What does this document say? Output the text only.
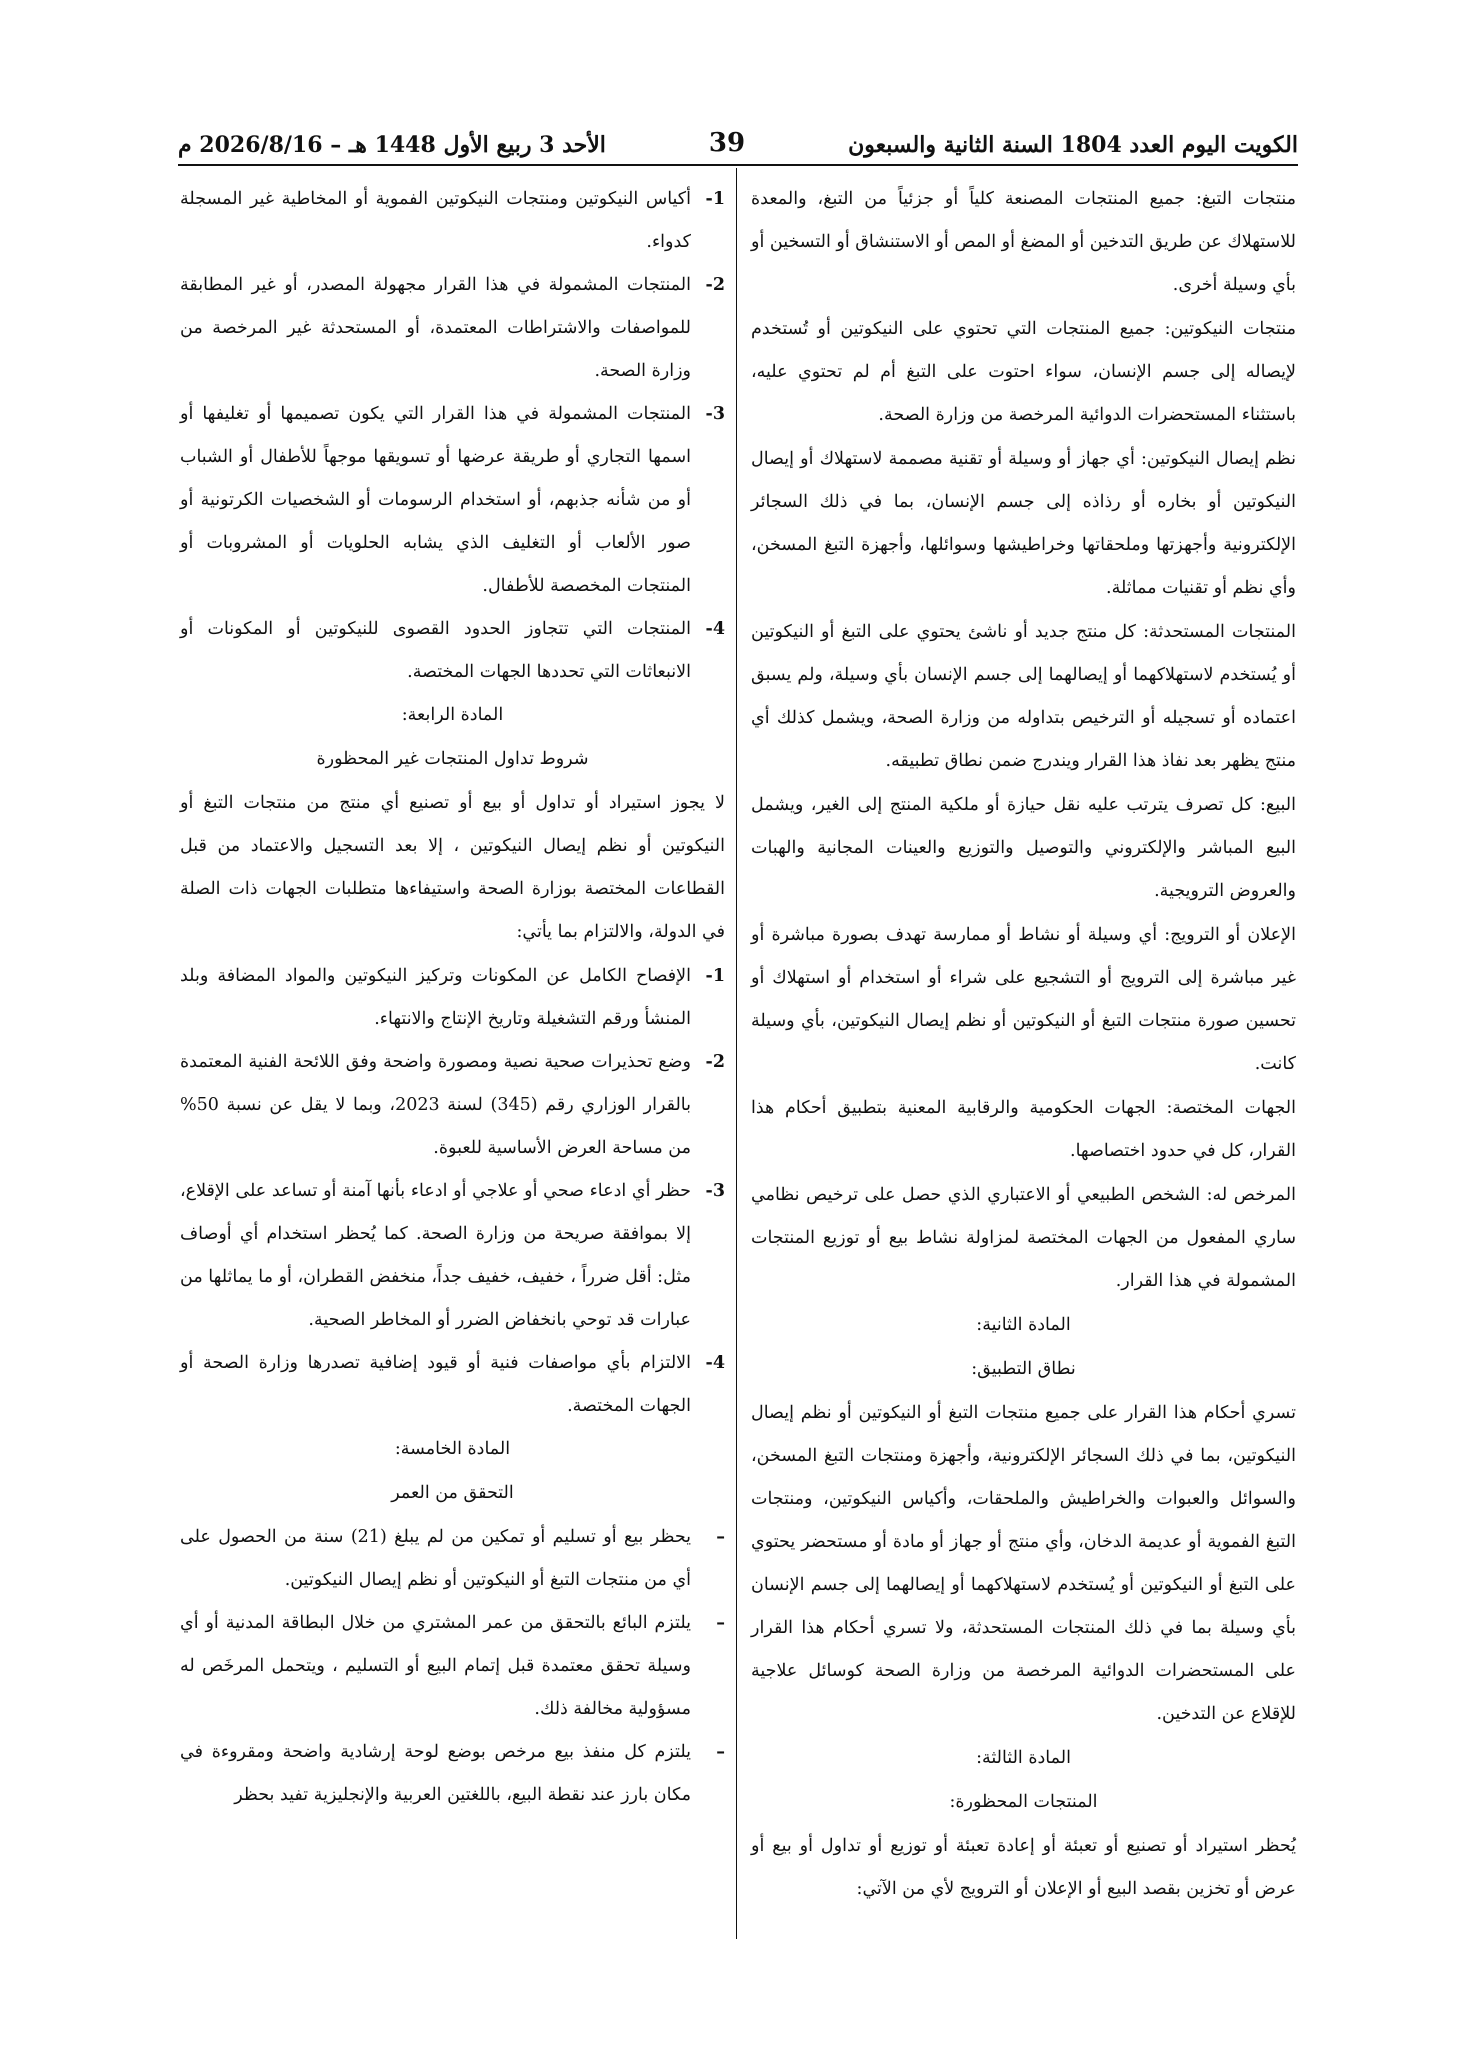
الكويت اليوم العدد 1804 السنة الثانية والسبعون
39
الأحد 3 ربيع الأول 1448 هـ – 2026/8/16 م
منتجات التبغ: جميع المنتجات المصنعة كلياً أو جزئياً من التبغ، والمعدة للاستهلاك عن طريق التدخين أو المضغ أو المص أو الاستنشاق أو التسخين أو بأي وسيلة أخرى.
منتجات النيكوتين: جميع المنتجات التي تحتوي على النيكوتين أو تُستخدم لإيصاله إلى جسم الإنسان، سواء احتوت على التبغ أم لم تحتوي عليه، باستثناء المستحضرات الدوائية المرخصة من وزارة الصحة.
نظم إيصال النيكوتين: أي جهاز أو وسيلة أو تقنية مصممة لاستهلاك أو إيصال النيكوتين أو بخاره أو رذاذه إلى جسم الإنسان، بما في ذلك السجائر الإلكترونية وأجهزتها وملحقاتها وخراطيشها وسوائلها، وأجهزة التبغ المسخن، وأي نظم أو تقنيات مماثلة.
المنتجات المستحدثة: كل منتج جديد أو ناشئ يحتوي على التبغ أو النيكوتين أو يُستخدم لاستهلاكهما أو إيصالهما إلى جسم الإنسان بأي وسيلة، ولم يسبق اعتماده أو تسجيله أو الترخيص بتداوله من وزارة الصحة، ويشمل كذلك أي منتج يظهر بعد نفاذ هذا القرار ويندرج ضمن نطاق تطبيقه.
البيع: كل تصرف يترتب عليه نقل حيازة أو ملكية المنتج إلى الغير، ويشمل البيع المباشر والإلكتروني والتوصيل والتوزيع والعينات المجانية والهبات والعروض الترويجية.
الإعلان أو الترويج: أي وسيلة أو نشاط أو ممارسة تهدف بصورة مباشرة أو غير مباشرة إلى الترويج أو التشجيع على شراء أو استخدام أو استهلاك أو تحسين صورة منتجات التبغ أو النيكوتين أو نظم إيصال النيكوتين، بأي وسيلة كانت.
الجهات المختصة: الجهات الحكومية والرقابية المعنية بتطبيق أحكام هذا القرار، كل في حدود اختصاصها.
المرخص له: الشخص الطبيعي أو الاعتباري الذي حصل على ترخيص نظامي ساري المفعول من الجهات المختصة لمزاولة نشاط بيع أو توزيع المنتجات المشمولة في هذا القرار.
المادة الثانية:
نطاق التطبيق:
تسري أحكام هذا القرار على جميع منتجات التبغ أو النيكوتين أو نظم إيصال النيكوتين، بما في ذلك السجائر الإلكترونية، وأجهزة ومنتجات التبغ المسخن، والسوائل والعبوات والخراطيش والملحقات، وأكياس النيكوتين، ومنتجات التبغ الفموية أو عديمة الدخان، وأي منتج أو جهاز أو مادة أو مستحضر يحتوي على التبغ أو النيكوتين أو يُستخدم لاستهلاكهما أو إيصالهما إلى جسم الإنسان بأي وسيلة بما في ذلك المنتجات المستحدثة، ولا تسري أحكام هذا القرار على المستحضرات الدوائية المرخصة من وزارة الصحة كوسائل علاجية للإقلاع عن التدخين.
المادة الثالثة:
المنتجات المحظورة:
يُحظر استيراد أو تصنيع أو تعبئة أو إعادة تعبئة أو توزيع أو تداول أو بيع أو عرض أو تخزين بقصد البيع أو الإعلان أو الترويج لأي من الآتي:
1-
أكياس النيكوتين ومنتجات النيكوتين الفموية أو المخاطية غير المسجلة كدواء.
2-
المنتجات المشمولة في هذا القرار مجهولة المصدر، أو غير المطابقة للمواصفات والاشتراطات المعتمدة، أو المستحدثة غير المرخصة من وزارة الصحة.
3-
المنتجات المشمولة في هذا القرار التي يكون تصميمها أو تغليفها أو اسمها التجاري أو طريقة عرضها أو تسويقها موجهاً للأطفال أو الشباب أو من شأنه جذبهم، أو استخدام الرسومات أو الشخصيات الكرتونية أو صور الألعاب أو التغليف الذي يشابه الحلويات أو المشروبات أو المنتجات المخصصة للأطفال.
4-
المنتجات التي تتجاوز الحدود القصوى للنيكوتين أو المكونات أو الانبعاثات التي تحددها الجهات المختصة.
المادة الرابعة:
شروط تداول المنتجات غير المحظورة
لا يجوز استيراد أو تداول أو بيع أو تصنيع أي منتج من منتجات التبغ أو النيكوتين أو نظم إيصال النيكوتين ، إلا بعد التسجيل والاعتماد من قبل القطاعات المختصة بوزارة الصحة واستيفاءها متطلبات الجهات ذات الصلة في الدولة، والالتزام بما يأتي:
1-
الإفصاح الكامل عن المكونات وتركيز النيكوتين والمواد المضافة وبلد المنشأ ورقم التشغيلة وتاريخ الإنتاج والانتهاء.
2-
وضع تحذيرات صحية نصية ومصورة واضحة وفق اللائحة الفنية المعتمدة بالقرار الوزاري رقم (345) لسنة 2023، وبما لا يقل عن نسبة 50% من مساحة العرض الأساسية للعبوة.
3-
حظر أي ادعاء صحي أو علاجي أو ادعاء بأنها آمنة أو تساعد على الإقلاع، إلا بموافقة صريحة من وزارة الصحة. كما يُحظر استخدام أي أوصاف مثل: أقل ضرراً ، خفيف، خفيف جداً، منخفض القطران، أو ما يماثلها من عبارات قد توحي بانخفاض الضرر أو المخاطر الصحية.
4-
الالتزام بأي مواصفات فنية أو قيود إضافية تصدرها وزارة الصحة أو الجهات المختصة.
المادة الخامسة:
التحقق من العمر
–
يحظر بيع أو تسليم أو تمكين من لم يبلغ (21) سنة من الحصول على أي من منتجات التبغ أو النيكوتين أو نظم إيصال النيكوتين.
–
يلتزم البائع بالتحقق من عمر المشتري من خلال البطاقة المدنية أو أي وسيلة تحقق معتمدة قبل إتمام البيع أو التسليم ، ويتحمل المرخَص له مسؤولية مخالفة ذلك.
–
يلتزم كل منفذ بيع مرخص بوضع لوحة إرشادية واضحة ومقروءة في مكان بارز عند نقطة البيع، باللغتين العربية والإنجليزية تفيد بحظر
